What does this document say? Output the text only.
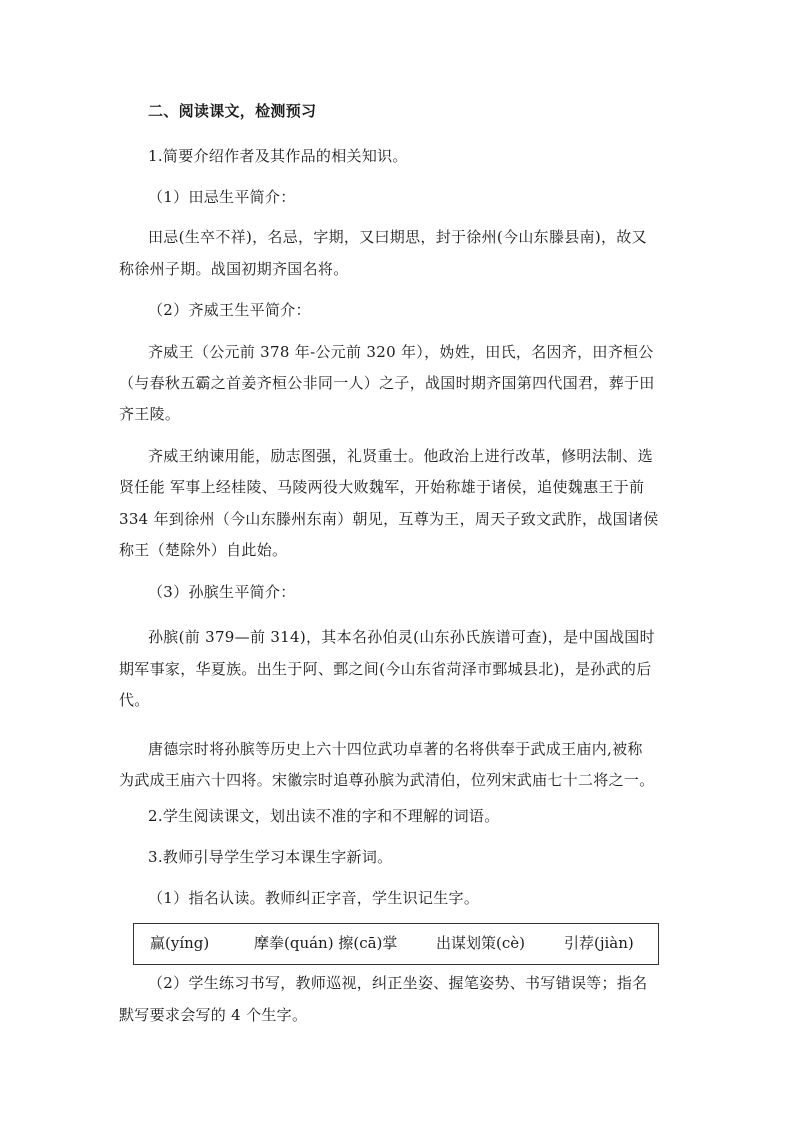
二、阅读课文，检测预习

1.简要介绍作者及其作品的相关知识。

（1）田忌生平简介：

田忌(生卒不祥)，名忌，字期，又曰期思，封于徐州(今山东滕县南)，故又

称徐州子期。战国初期齐国名将。

（2）齐威王生平简介：

齐威王（公元前 378 年-公元前 320 年），妫姓，田氏，名因齐，田齐桓公

（与春秋五霸之首姜齐桓公非同一人）之子，战国时期齐国第四代国君，葬于田

齐王陵。

齐威王纳谏用能，励志图强，礼贤重士。他政治上进行改革，修明法制、选

贤任能 军事上经桂陵、马陵两役大败魏军，开始称雄于诸侯，追使魏惠王于前

334 年到徐州（今山东滕州东南）朝见，互尊为王，周天子致文武胙，战国诸侯

称王（楚除外）自此始。

（3）孙膑生平简介：

孙膑(前 379—前 314)，其本名孙伯灵(山东孙氏族谱可查)，是中国战国时

期军事家，华夏族。出生于阿、鄄之间(今山东省菏泽市鄄城县北)，是孙武的后

代。

唐德宗时将孙膑等历史上六十四位武功卓著的名将供奉于武成王庙内,被称

为武成王庙六十四将。宋徽宗时追尊孙膑为武清伯，位列宋武庙七十二将之一。

2.学生阅读课文，划出读不准的字和不理解的词语。

3.教师引导学生学习本课生字新词。

（1）指名认读。教师纠正字音，学生识记生字。

赢(yíng)	摩拳(quán) 擦(cā)掌	出谋划策(cè)	引荐(jiàn)

（2）学生练习书写，教师巡视，纠正坐姿、握笔姿势、书写错误等；指名

默写要求会写的 4 个生字。
